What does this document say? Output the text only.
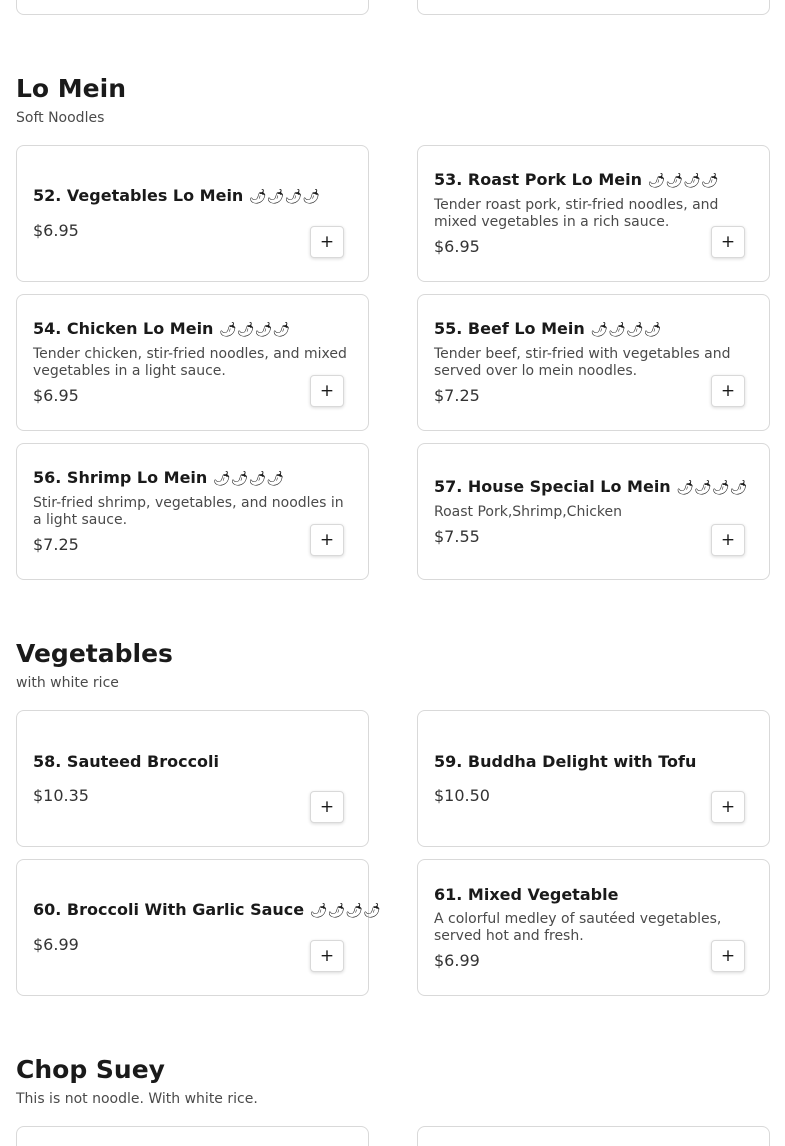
Lo Mein
Soft Noodles
52. Vegetables Lo Mein 🌶🌶🌶🌶
$6.95
+
53. Roast Pork Lo Mein 🌶🌶🌶🌶
Tender roast pork, stir-fried noodles, and mixed vegetables in a rich sauce.
$6.95	+
54. Chicken Lo Mein 🌶🌶🌶🌶
Tender chicken, stir-fried noodles, and mixed vegetables in a light sauce.
$6.95	+
55. Beef Lo Mein 🌶🌶🌶🌶
Tender beef, stir-fried with vegetables and served over lo mein noodles.
$7.25	+
56. Shrimp Lo Mein 🌶🌶🌶🌶
Stir-fried shrimp, vegetables, and noodles in a light sauce.
$7.25	+
57. House Special Lo Mein 🌶🌶🌶🌶
Roast Pork,Shrimp,Chicken
$7.55	+
Vegetables
with white rice
58. Sauteed Broccoli
$10.35
+
59. Buddha Delight with Tofu
$10.50
+
60. Broccoli With Garlic Sauce 🌶🌶🌶🌶
$6.99
+
61. Mixed Vegetable
A colorful medley of sautéed vegetables, served hot and fresh.
$6.99	+
Chop Suey
This is not noodle. With white rice.
